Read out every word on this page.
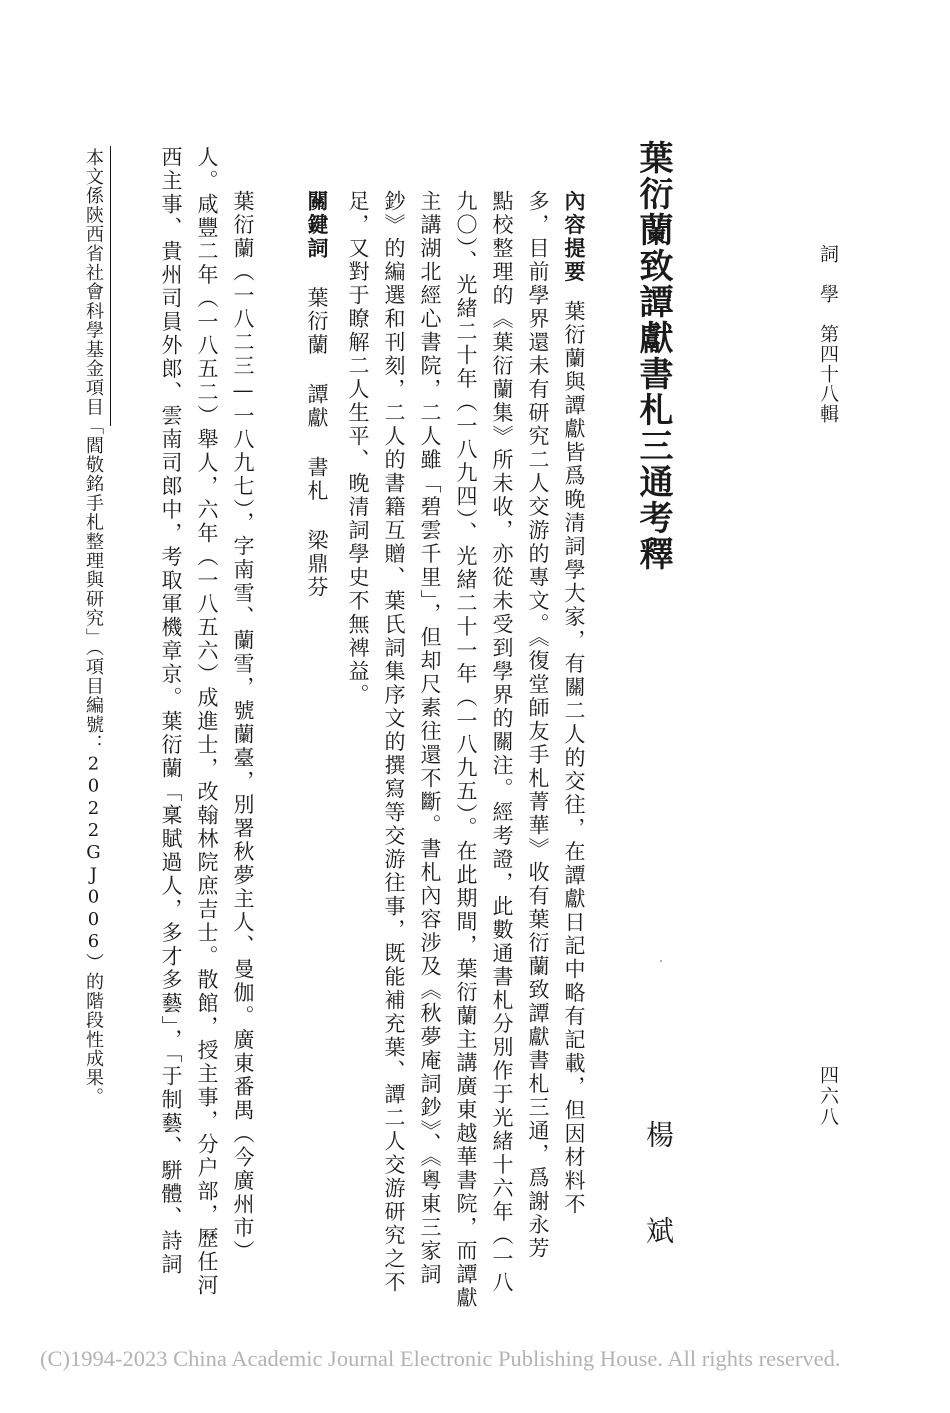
詞　學　第四十八輯
四六八
葉衍蘭致譚獻書札三通考釋
楊　斌
內容提要葉衍蘭與譚獻皆爲晚清詞學大家，有關二人的交往，在譚獻日記中略有記載，但因材料不
多，目前學界還未有研究二人交游的專文。《復堂師友手札菁華》收有葉衍蘭致譚獻書札三通，爲謝永芳
點校整理的《葉衍蘭集》所未收，亦從未受到學界的關注。經考證，此數通書札分別作于光緒十六年（一八
九〇）、光緒二十年（一八九四）、光緒二十一年（一八九五）。在此期間，葉衍蘭主講廣東越華書院，而譚獻
主講湖北經心書院，二人雖「碧雲千里」，但却尺素往還不斷。書札內容涉及《秋夢庵詞鈔》、《粵東三家詞
鈔》的編選和刊刻，二人的書籍互贈、葉氏詞集序文的撰寫等交游往事，既能補充葉、譚二人交游研究之不
足，又對于瞭解二人生平、晚清詞學史不無裨益。
關鍵詞葉衍蘭譚獻書札梁鼎芬
葉衍蘭（一八二三—一八九七），字南雪、蘭雪，號蘭臺，別署秋夢主人、曼伽。廣東番禺（今廣州市）
人。咸豐二年（一八五二）舉人，六年（一八五六）成進士，改翰林院庶吉士。散館，授主事，分户部，歷任河
西主事、貴州司員外郎、雲南司郎中，考取軍機章京。葉衍蘭「稟賦過人，多才多藝」，「于制藝、駢體、詩詞
本文係陝西省社會科學基金項目「閻敬銘手札整理與研究」（項目編號：2022GJ006）的階段性成果。
(C)1994-2023 China Academic Journal Electronic Publishing House. All rights reserved.
